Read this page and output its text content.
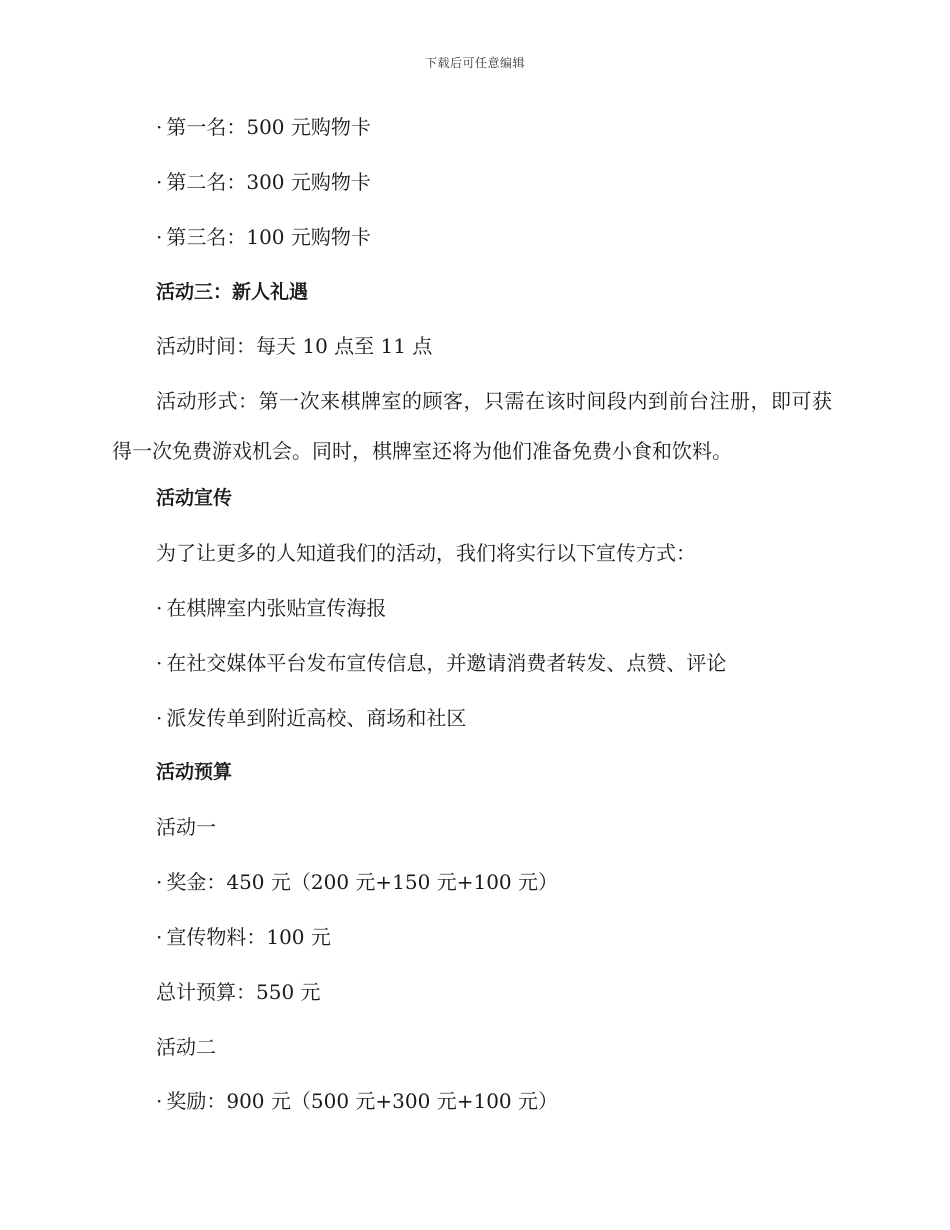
下载后可任意编辑
· 第一名：500 元购物卡
· 第二名：300 元购物卡
· 第三名：100 元购物卡
活动三：新人礼遇
活动时间：每天 10 点至 11 点
活动形式：第一次来棋牌室的顾客，只需在该时间段内到前台注册，即可获得一次免费游戏机会。同时，棋牌室还将为他们准备免费小食和饮料。
活动宣传
为了让更多的人知道我们的活动，我们将实行以下宣传方式：
· 在棋牌室内张贴宣传海报
· 在社交媒体平台发布宣传信息，并邀请消费者转发、点赞、评论
· 派发传单到附近高校、商场和社区
活动预算
活动一
· 奖金：450 元（200 元+150 元+100 元）
· 宣传物料：100 元
总计预算：550 元
活动二
· 奖励：900 元（500 元+300 元+100 元）
